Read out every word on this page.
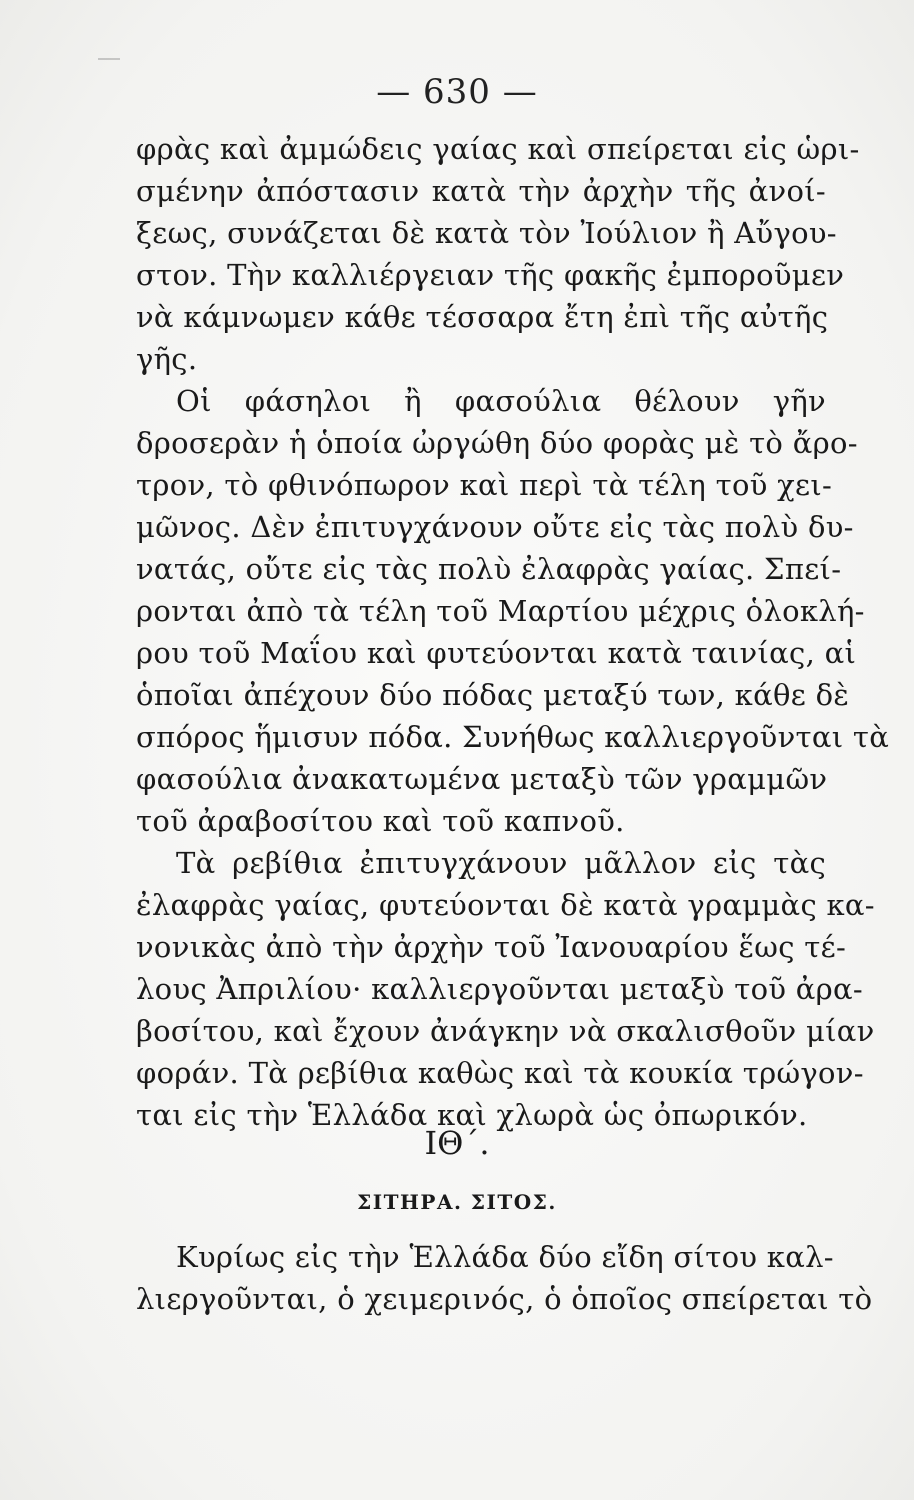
— 630 —
φρὰς καὶ ἀμμώδεις γαίας καὶ σπείρεται εἰς ὡρι-
σμένην ἀπόστασιν κατὰ τὴν ἀρχὴν τῆς ἀνοί-
ξεως, συνάζεται δὲ κατὰ τὸν Ἰούλιον ἢ Αὔγου-
στον. Τὴν καλλιέργειαν τῆς φακῆς ἐμποροῦμεν
νὰ κάμνωμεν κάθε τέσσαρα ἔτη ἐπὶ τῆς αὐτῆς
γῆς.
Οἱ φάσηλοι ἢ φασούλια θέλουν γῆν
δροσερὰν ἡ ὁποία ὠργώθη δύο φορὰς μὲ τὸ ἄρο-
τρον, τὸ φθινόπωρον καὶ περὶ τὰ τέλη τοῦ χει-
μῶνος. Δὲν ἐπιτυγχάνουν οὔτε εἰς τὰς πολὺ δυ-
νατάς, οὔτε εἰς τὰς πολὺ ἐλαφρὰς γαίας. Σπεί-
ρονται ἀπὸ τὰ τέλη τοῦ Μαρτίου μέχρις ὁλοκλή-
ρου τοῦ Μαΐου καὶ φυτεύονται κατὰ ταινίας, αἱ
ὁποῖαι ἀπέχουν δύο πόδας μεταξύ των, κάθε δὲ
σπόρος ἥμισυν πόδα. Συνήθως καλλιεργοῦνται τὰ
φασούλια ἀνακατωμένα μεταξὺ τῶν γραμμῶν
τοῦ ἀραβοσίτου καὶ τοῦ καπνοῦ.
Τὰ ρεβίθια ἐπιτυγχάνουν μᾶλλον εἰς τὰς
ἐλαφρὰς γαίας, φυτεύονται δὲ κατὰ γραμμὰς κα-
νονικὰς ἀπὸ τὴν ἀρχὴν τοῦ Ἰανουαρίου ἕως τέ-
λους Ἀπριλίου· καλλιεργοῦνται μεταξὺ τοῦ ἀρα-
βοσίτου, καὶ ἔχουν ἀνάγκην νὰ σκαλισθοῦν μίαν
φοράν. Τὰ ρεβίθια καθὼς καὶ τὰ κουκία τρώγον-
ται εἰς τὴν Ἑλλάδα καὶ χλωρὰ ὡς ὀπωρικόν.
ΙΘ΄.
ΣΙΤΗΡΑ. ΣΙΤΟΣ.
Κυρίως εἰς τὴν Ἑλλάδα δύο εἴδη σίτου καλ-
λιεργοῦνται, ὁ χειμερινός, ὁ ὁποῖος σπείρεται τὸ
